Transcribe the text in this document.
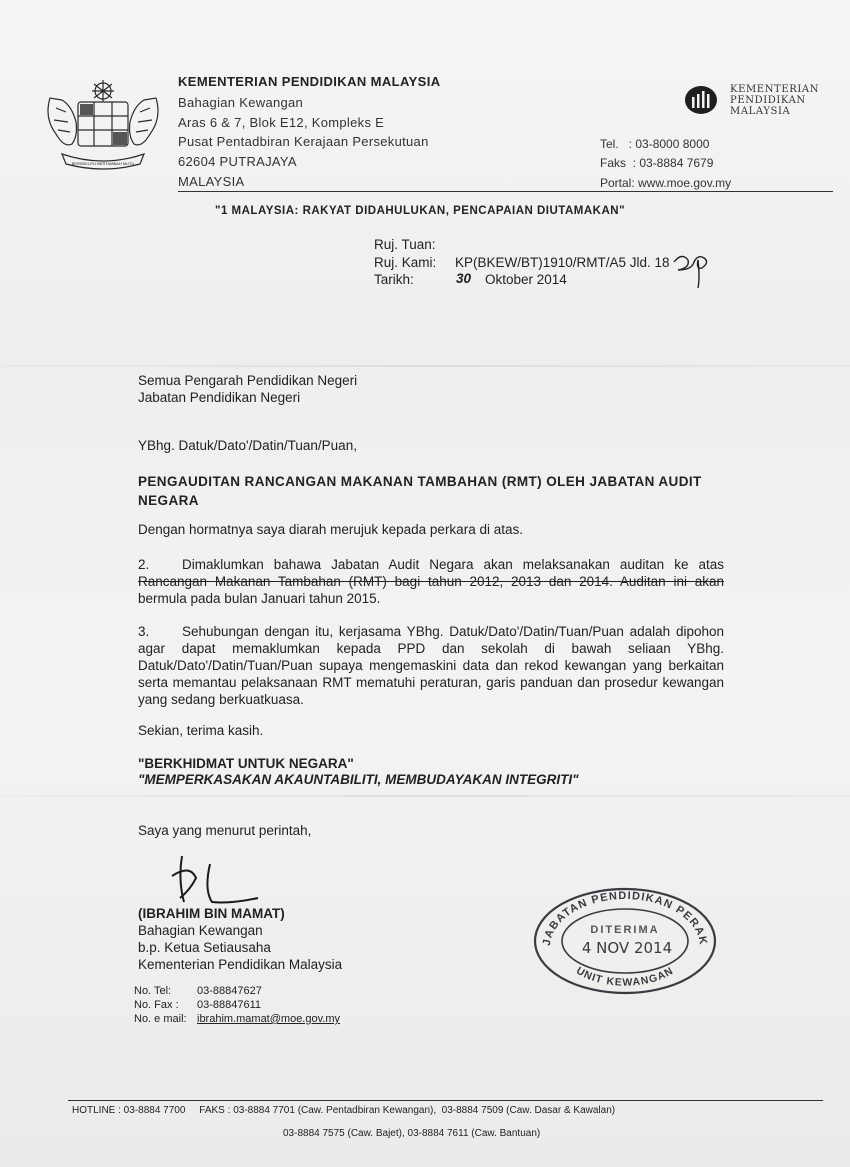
BERSEKUTU BERTAMBAH MUTU
KEMENTERIAN PENDIDIKAN MALAYSIA
Bahagian Kewangan
Aras 6 & 7, Blok E12, Kompleks E
Pusat Pentadbiran Kerajaan Persekutuan
62604 PUTRAJAYA
MALAYSIA
KEMENTERIAN
PENDIDIKAN
MALAYSIA
Tel.   : 03-8000 8000
Faks  : 03-8884 7679
Portal: www.moe.gov.my
"1 MALAYSIA: RAKYAT DIDAHULUKAN, PENCAPAIAN DIUTAMAKAN"
Ruj. Tuan:
Ruj. Kami: KP(BKEW/BT)1910/RMT/A5 Jld. 18
Tarikh:	30 Oktober 2014
Semua Pengarah Pendidikan Negeri
Jabatan Pendidikan Negeri
YBhg. Datuk/Dato'/Datin/Tuan/Puan,
PENGAUDITAN RANCANGAN MAKANAN TAMBAHAN (RMT) OLEH JABATAN AUDIT NEGARA
Dengan hormatnya saya diarah merujuk kepada perkara di atas.
2. Dimaklumkan bahawa Jabatan Audit Negara akan melaksanakan auditan ke atas Rancangan Makanan Tambahan (RMT) bagi tahun 2012, 2013 dan 2014. Auditan ini akan bermula pada bulan Januari tahun 2015.
3. Sehubungan dengan itu, kerjasama YBhg. Datuk/Dato'/Datin/Tuan/Puan adalah dipohon agar dapat memaklumkan kepada PPD dan sekolah di bawah seliaan YBhg. Datuk/Dato'/Datin/Tuan/Puan supaya mengemaskini data dan rekod kewangan yang berkaitan serta memantau pelaksanaan RMT mematuhi peraturan, garis panduan dan prosedur kewangan yang sedang berkuatkuasa.
Sekian, terima kasih.
"BERKHIDMAT UNTUK NEGARA"
"MEMPERKASAKAN AKAUNTABILITI, MEMBUDAYAKAN INTEGRITI"
Saya yang menurut perintah,
(IBRAHIM BIN MAMAT)
Bahagian Kewangan
b.p. Ketua Setiausaha
Kementerian Pendidikan Malaysia
No. Tel: 03-88847627
No. Fax : 03-88847611
No. e mail: ibrahim.mamat@moe.gov.my
JABATAN PENDIDIKAN PERAK
DITERIMA
4 NOV 2014
UNIT KEWANGAN
HOTLINE : 03-8884 7700     FAKS : 03-8884 7701 (Caw. Pentadbiran Kewangan),  03-8884 7509 (Caw. Dasar & Kawalan)
03-8884 7575 (Caw. Bajet), 03-8884 7611 (Caw. Bantuan)
